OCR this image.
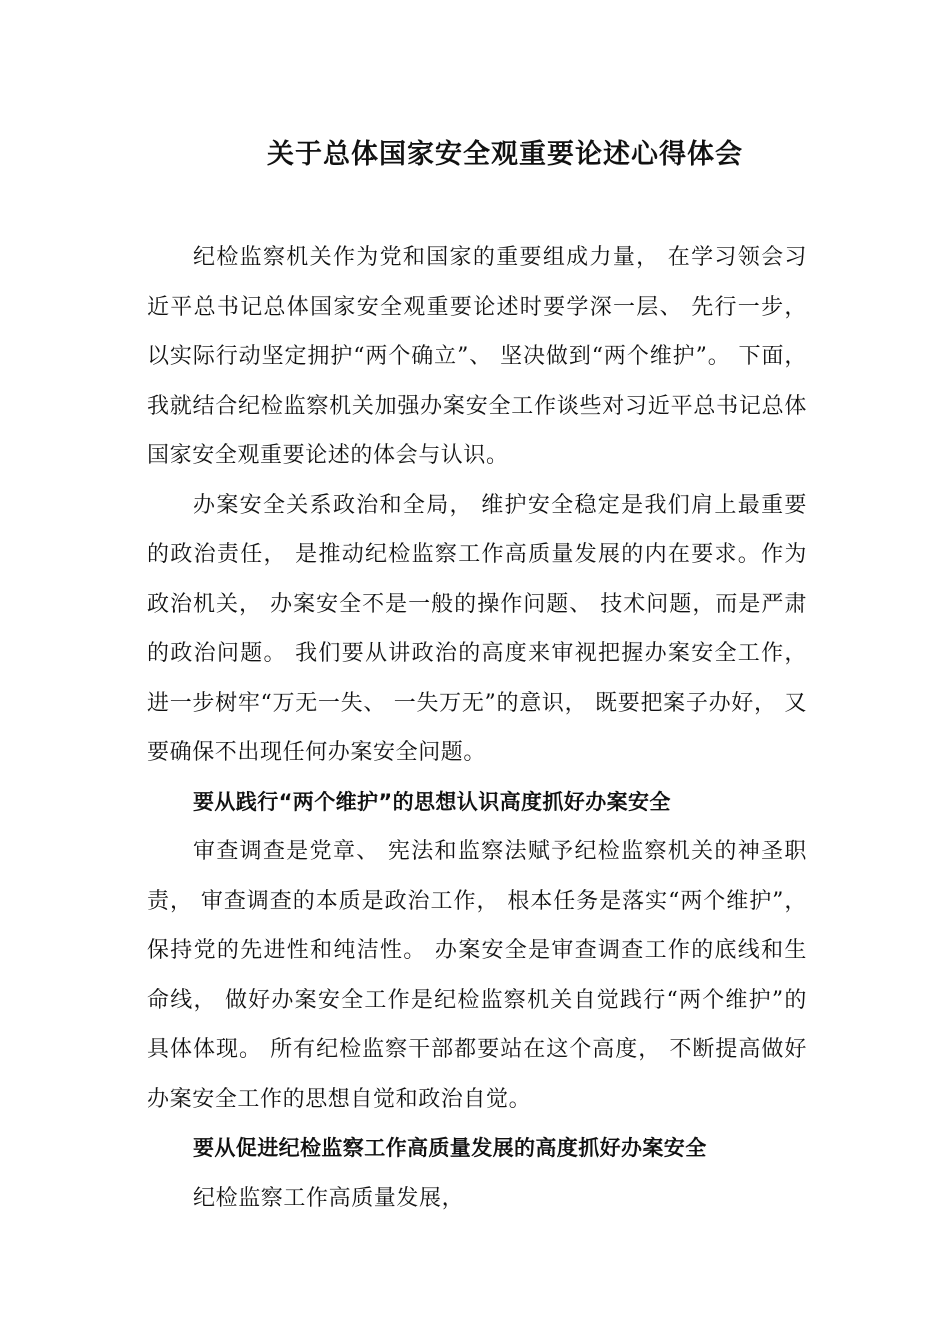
关于总体国家安全观重要论述心得体会

纪检监察机关作为党和国家的重要组成力量， 在学习领会习近平总书记总体国家安全观重要论述时要学深一层、 先行一步， 以实际行动坚定拥护“两个确立”、 坚决做到“两个维护”。 下面， 我就结合纪检监察机关加强办案安全工作谈些对习近平总书记总体国家安全观重要论述的体会与认识。

办案安全关系政治和全局， 维护安全稳定是我们肩上最重要的政治责任， 是推动纪检监察工作高质量发展的内在要求。作为政治机关， 办案安全不是一般的操作问题、 技术问题，而是严肃的政治问题。 我们要从讲政治的高度来审视把握办案安全工作， 进一步树牢“万无一失、 一失万无”的意识， 既要把案子办好， 又要确保不出现任何办案安全问题。

要从践行“两个维护”的思想认识高度抓好办案安全

审查调查是党章、 宪法和监察法赋予纪检监察机关的神圣职责， 审查调查的本质是政治工作， 根本任务是落实“两个维护”， 保持党的先进性和纯洁性。 办案安全是审查调查工作的底线和生命线， 做好办案安全工作是纪检监察机关自觉践行“两个维护”的具体体现。 所有纪检监察干部都要站在这个高度， 不断提高做好办案安全工作的思想自觉和政治自觉。

要从促进纪检监察工作高质量发展的高度抓好办案安全

纪检监察工作高质量发展，
